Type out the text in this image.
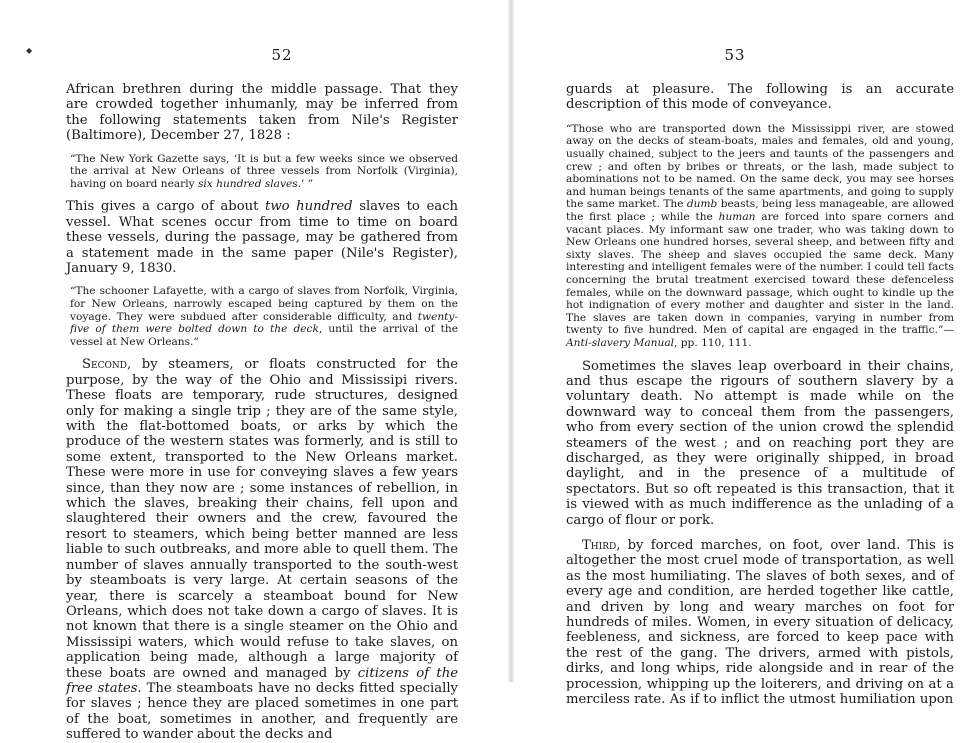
◆	52

African brethren during the middle passage. That they are crowded together inhumanly, may be inferred from the following statements taken from Nile's Register (Baltimore), December 27, 1828 :

“The New York Gazette says, ‘It is but a few weeks since we observed the arrival at New Orleans of three vessels from Norfolk (Virginia), having on board nearly six hundred slaves.’ ”

This gives a cargo of about two hundred slaves to each vessel. What scenes occur from time to time on board these vessels, during the passage, may be gathered from a statement made in the same paper (Nile's Register), January 9, 1830.

“The schooner Lafayette, with a cargo of slaves from Norfolk, Virginia, for New Orleans, narrowly escaped being captured by them on the voyage. They were subdued after considerable difficulty, and twenty-five of them were bolted down to the deck, until the arrival of the vessel at New Orleans.”

Second, by steamers, or floats constructed for the purpose, by the way of the Ohio and Mississipi rivers. These floats are temporary, rude structures, designed only for making a single trip ; they are of the same style, with the flat-bottomed boats, or arks by which the produce of the western states was formerly, and is still to some extent, transported to the New Orleans market. These were more in use for conveying slaves a few years since, than they now are ; some instances of rebellion, in which the slaves, breaking their chains, fell upon and slaughtered their owners and the crew, favoured the resort to steamers, which being better manned are less liable to such outbreaks, and more able to quell them. The number of slaves annually transported to the south-west by steamboats is very large. At certain seasons of the year, there is scarcely a steamboat bound for New Orleans, which does not take down a cargo of slaves. It is not known that there is a single steamer on the Ohio and Mississipi waters, which would refuse to take slaves, on application being made, although a large majority of these boats are owned and managed by citizens of the free states. The steamboats have no decks fitted specially for slaves ; hence they are placed sometimes in one part of the boat, sometimes in another, and frequently are suffered to wander about the decks and

53

guards at pleasure. The following is an accurate description of this mode of conveyance.

“Those who are transported down the Mississippi river, are stowed away on the decks of steam-boats, males and females, old and young, usually chained, subject to the jeers and taunts of the passengers and crew ; and often by bribes or threats, or the lash, made subject to abominations not to be named. On the same deck, you may see horses and human beings tenants of the same apartments, and going to supply the same market. The dumb beasts, being less manageable, are allowed the first place ; while the human are forced into spare corners and vacant places. My informant saw one trader, who was taking down to New Orleans one hundred horses, several sheep, and between fifty and sixty slaves. The sheep and slaves occupied the same deck. Many interesting and intelligent females were of the number. I could tell facts concerning the brutal treatment exercised toward these defenceless females, while on the downward passage, which ought to kindle up the hot indignation of every mother and daughter and sister in the land. The slaves are taken down in companies, varying in number from twenty to five hundred. Men of capital are engaged in the traffic.”—Anti-slavery Manual, pp. 110, 111.

Sometimes the slaves leap overboard in their chains, and thus escape the rigours of southern slavery by a voluntary death. No attempt is made while on the downward way to conceal them from the passengers, who from every section of the union crowd the splendid steamers of the west ; and on reaching port they are discharged, as they were originally shipped, in broad daylight, and in the presence of a multitude of spectators. But so oft repeated is this transaction, that it is viewed with as much indifference as the unlading of a cargo of flour or pork.

Third, by forced marches, on foot, over land. This is altogether the most cruel mode of transportation, as well as the most humiliating. The slaves of both sexes, and of every age and condition, are herded together like cattle, and driven by long and weary marches on foot for hundreds of miles. Women, in every situation of delicacy, feebleness, and sickness, are forced to keep pace with the rest of the gang. The drivers, armed with pistols, dirks, and long whips, ride alongside and in rear of the procession, whipping up the loiterers, and driving on at a merciless rate. As if to inflict the utmost humiliation upon
